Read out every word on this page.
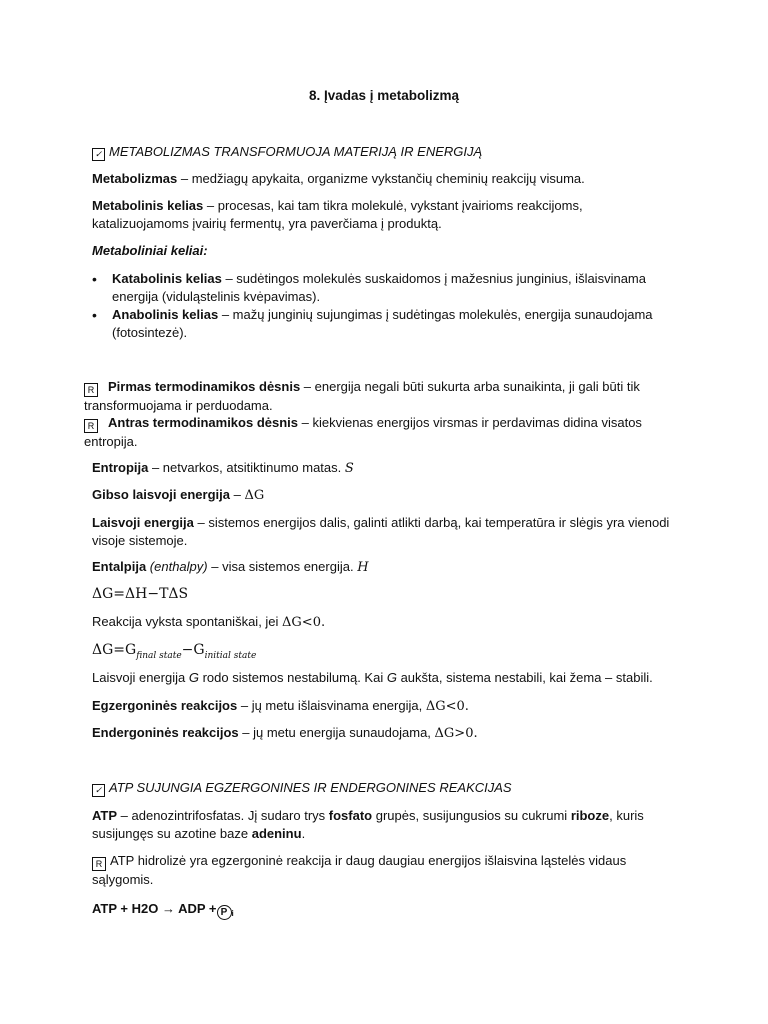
8. Įvadas į metabolizmą
✓ METABOLIZMAS TRANSFORMUOJA MATERIJĄ IR ENERGIJĄ
Metabolizmas – medžiagų apykaita, organizme vykstančių cheminių reakcijų visuma.
Metabolinis kelias – procesas, kai tam tikra molekulė, vykstant įvairioms reakcijoms, katalizuojamoms įvairių fermentų, yra paverčiama į produktą.
Metaboliniai keliai:
• Katabolinis kelias – sudėtingos molekulės suskaidomos į mažesnius junginius, išlaisvinama energija (viduląstelinis kvėpavimas).
• Anabolinis kelias – mažų junginių sujungimas į sudėtingas molekulės, energija sunaudojama (fotosintezė).
R Pirmas termodinamikos dėsnis – energija negali būti sukurta arba sunaikinta, ji gali būti tik transformuojama ir perduodama.
R Antras termodinamikos dėsnis – kiekvienas energijos virsmas ir perdavimas didina visatos entropija.
Entropija – netvarkos, atsitiktinumo matas. S
Gibso laisvoji energija – ΔG
Laisvoji energija – sistemos energijos dalis, galinti atlikti darbą, kai temperatūra ir slėgis yra vienodi visoje sistemoje.
Entalpija (enthalpy) – visa sistemos energija. H
ΔG=ΔH−TΔS
Reakcija vyksta spontaniškai, jei ΔG<0.
$\Delta G=G_{final state}-G_{initial state}$
Laisvoji energija G rodo sistemos nestabilumą. Kai G aukšta, sistema nestabili, kai žema – stabili.
Egzergoninės reakcijos – jų metu išlaisvinama energija, ΔG<0.
Endergoninės reakcijos – jų metu energija sunaudojama, ΔG>0.
✓ ATP SUJUNGIA EGZERGONINES IR ENDERGONINES REAKCIJAS
ATP – adenozintrifosfatas. Jį sudaro trys fosfato grupės, susijungusios su cukrumi riboze, kuris susijungęs su azotine baze adeninu.
R ATP hidrolizė yra egzergoninė reakcija ir daug daugiau energijos išlaisvina ląstelės vidaus sąlygomis.
ATP + H2O → ADP + P $_i$
